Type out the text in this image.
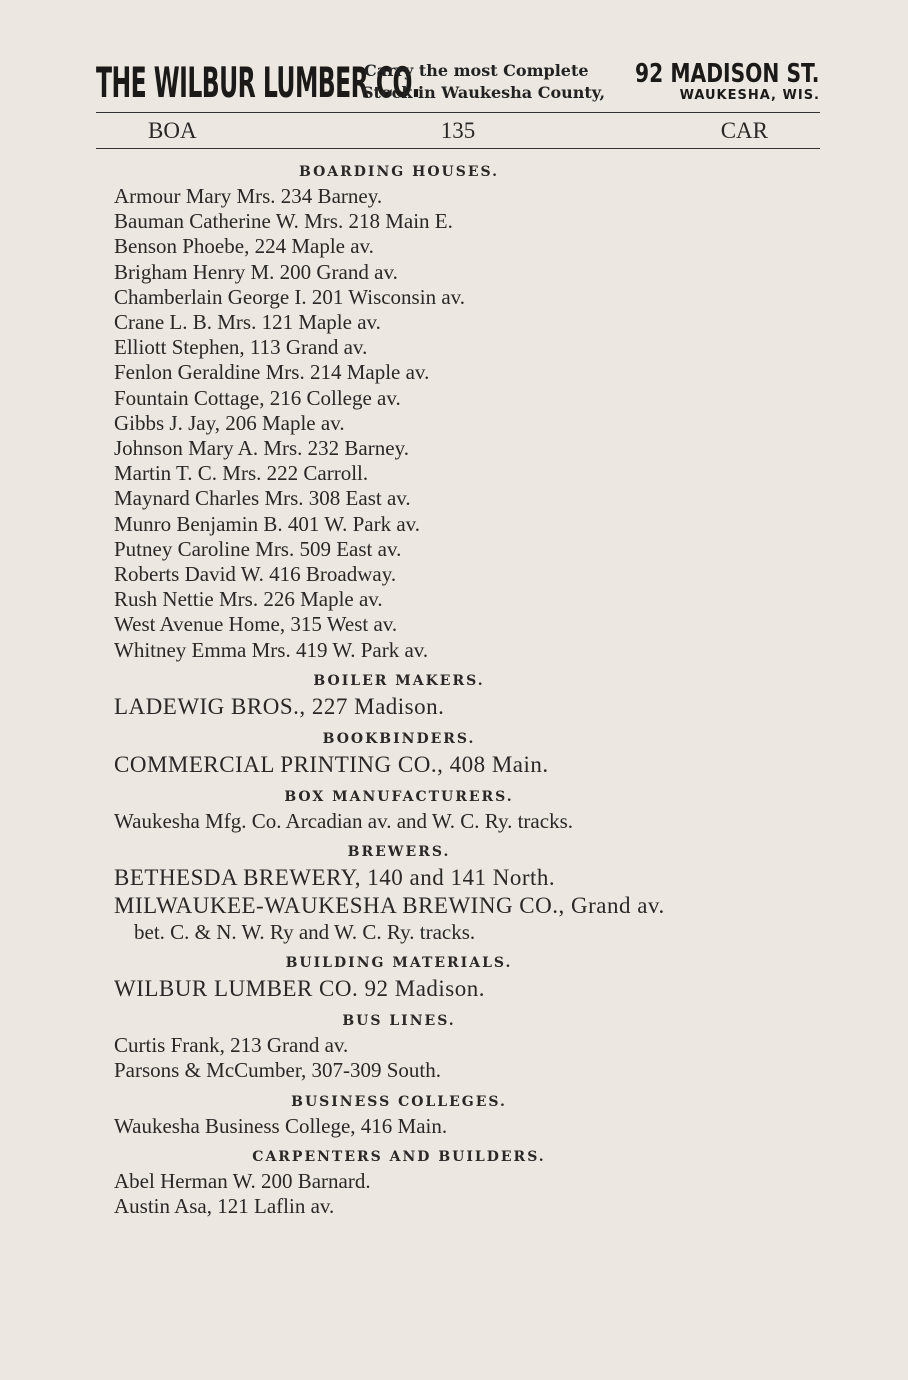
THE WILBUR LUMBER CO.
Carry the most Complete
Stock in Waukesha County,
92 MADISON ST.
WAUKESHA, WIS.
BOA	135	CAR
BOARDING HOUSES.
Armour Mary Mrs. 234 Barney.
Bauman Catherine W. Mrs. 218 Main E.
Benson Phoebe, 224 Maple av.
Brigham Henry M. 200 Grand av.
Chamberlain George I. 201 Wisconsin av.
Crane L. B. Mrs. 121 Maple av.
Elliott Stephen, 113 Grand av.
Fenlon Geraldine Mrs. 214 Maple av.
Fountain Cottage, 216 College av.
Gibbs J. Jay, 206 Maple av.
Johnson Mary A. Mrs. 232 Barney.
Martin T. C. Mrs. 222 Carroll.
Maynard Charles Mrs. 308 East av.
Munro Benjamin B. 401 W. Park av.
Putney Caroline Mrs. 509 East av.
Roberts David W. 416 Broadway.
Rush Nettie Mrs. 226 Maple av.
West Avenue Home, 315 West av.
Whitney Emma Mrs. 419 W. Park av.
BOILER MAKERS.
LADEWIG BROS., 227 Madison.
BOOKBINDERS.
COMMERCIAL PRINTING CO., 408 Main.
BOX MANUFACTURERS.
Waukesha Mfg. Co. Arcadian av. and W. C. Ry. tracks.
BREWERS.
BETHESDA BREWERY, 140 and 141 North.
MILWAUKEE-WAUKESHA BREWING CO., Grand av.
bet. C. & N. W. Ry and W. C. Ry. tracks.
BUILDING MATERIALS.
WILBUR LUMBER CO. 92 Madison.
BUS LINES.
Curtis Frank, 213 Grand av.
Parsons & McCumber, 307-309 South.
BUSINESS COLLEGES.
Waukesha Business College, 416 Main.
CARPENTERS AND BUILDERS.
Abel Herman W. 200 Barnard.
Austin Asa, 121 Laflin av.
